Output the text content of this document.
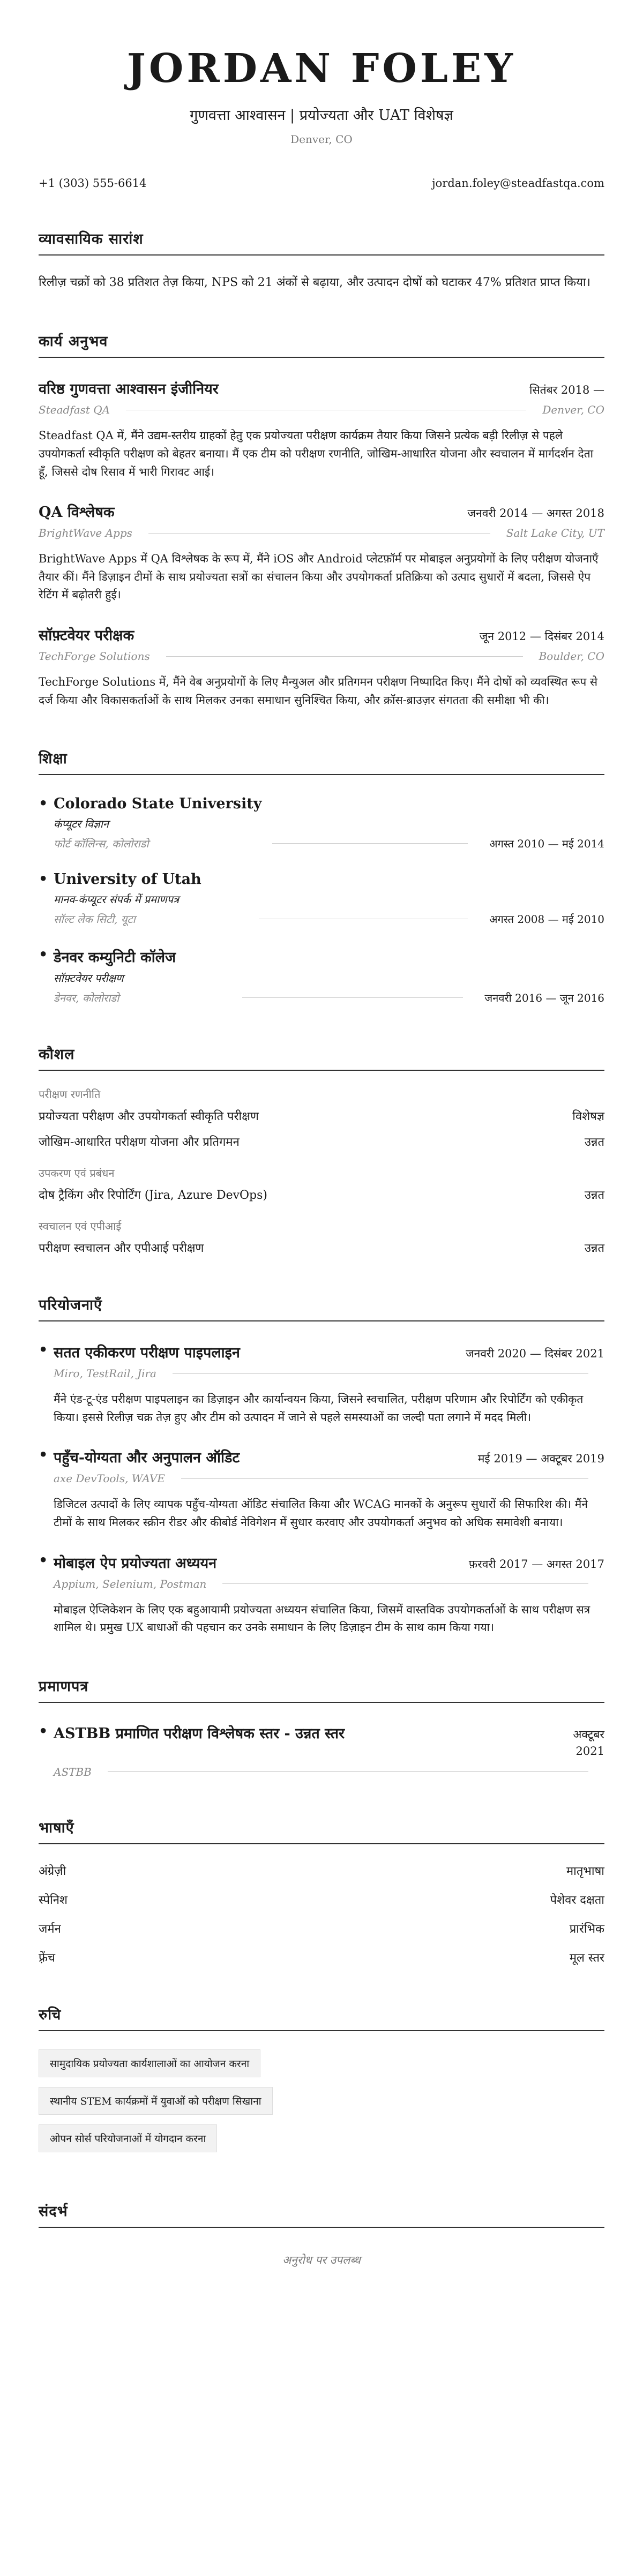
JORDAN FOLEY
गुणवत्ता आश्वासन | प्रयोज्यता और UAT विशेषज्ञ
Denver, CO
+1 (303) 555-6614	jordan.foley@steadfastqa.com
व्यावसायिक सारांश
रिलीज़ चक्रों को 38 प्रतिशत तेज़ किया, NPS को 21 अंकों से बढ़ाया, और उत्पादन दोषों को घटाकर 47% प्रतिशत प्राप्त किया।
कार्य अनुभव
वरिष्ठ गुणवत्ता आश्वासन इंजीनियर	सितंबर 2018 —
Steadfast QA	Denver, CO
Steadfast QA में, मैंने उद्यम-स्तरीय ग्राहकों हेतु एक प्रयोज्यता परीक्षण कार्यक्रम तैयार किया जिसने प्रत्येक बड़ी रिलीज़ से पहले उपयोगकर्ता स्वीकृति परीक्षण को बेहतर बनाया। मैं एक टीम को परीक्षण रणनीति, जोखिम-आधारित योजना और स्वचालन में मार्गदर्शन देता हूँ, जिससे दोष रिसाव में भारी गिरावट आई।
QA विश्लेषक	जनवरी 2014 — अगस्त 2018
BrightWave Apps	Salt Lake City, UT
BrightWave Apps में QA विश्लेषक के रूप में, मैंने iOS और Android प्लेटफ़ॉर्म पर मोबाइल अनुप्रयोगों के लिए परीक्षण योजनाएँ तैयार कीं। मैंने डिज़ाइन टीमों के साथ प्रयोज्यता सत्रों का संचालन किया और उपयोगकर्ता प्रतिक्रिया को उत्पाद सुधारों में बदला, जिससे ऐप रेटिंग में बढ़ोतरी हुई।
सॉफ़्टवेयर परीक्षक	जून 2012 — दिसंबर 2014
TechForge Solutions	Boulder, CO
TechForge Solutions में, मैंने वेब अनुप्रयोगों के लिए मैन्युअल और प्रतिगमन परीक्षण निष्पादित किए। मैंने दोषों को व्यवस्थित रूप से दर्ज किया और विकासकर्ताओं के साथ मिलकर उनका समाधान सुनिश्चित किया, और क्रॉस-ब्राउज़र संगतता की समीक्षा भी की।
शिक्षा
• Colorado State University
कंप्यूटर विज्ञान
फोर्ट कॉलिन्स, कोलोराडो	अगस्त 2010 — मई 2014
• University of Utah
मानव-कंप्यूटर संपर्क में प्रमाणपत्र
सॉल्ट लेक सिटी, यूटा	अगस्त 2008 — मई 2010
• डेनवर कम्युनिटी कॉलेज
सॉफ़्टवेयर परीक्षण
डेनवर, कोलोराडो	जनवरी 2016 — जून 2016
कौशल
परीक्षण रणनीति
प्रयोज्यता परीक्षण और उपयोगकर्ता स्वीकृति परीक्षण	विशेषज्ञ
जोखिम-आधारित परीक्षण योजना और प्रतिगमन	उन्नत
उपकरण एवं प्रबंधन
दोष ट्रैकिंग और रिपोर्टिंग (Jira, Azure DevOps)	उन्नत
स्वचालन एवं एपीआई
परीक्षण स्वचालन और एपीआई परीक्षण	उन्नत
परियोजनाएँ
• सतत एकीकरण परीक्षण पाइपलाइन	जनवरी 2020 — दिसंबर 2021
Miro, TestRail, Jira
मैंने एंड-टू-एंड परीक्षण पाइपलाइन का डिज़ाइन और कार्यान्वयन किया, जिसने स्वचालित, परीक्षण परिणाम और रिपोर्टिंग को एकीकृत किया। इससे रिलीज़ चक्र तेज़ हुए और टीम को उत्पादन में जाने से पहले समस्याओं का जल्दी पता लगाने में मदद मिली।
• पहुँच-योग्यता और अनुपालन ऑडिट	मई 2019 — अक्टूबर 2019
axe DevTools, WAVE
डिजिटल उत्पादों के लिए व्यापक पहुँच-योग्यता ऑडिट संचालित किया और WCAG मानकों के अनुरूप सुधारों की सिफारिश की। मैंने टीमों के साथ मिलकर स्क्रीन रीडर और कीबोर्ड नेविगेशन में सुधार करवाए और उपयोगकर्ता अनुभव को अधिक समावेशी बनाया।
• मोबाइल ऐप प्रयोज्यता अध्ययन	फ़रवरी 2017 — अगस्त 2017
Appium, Selenium, Postman
मोबाइल ऐप्लिकेशन के लिए एक बहुआयामी प्रयोज्यता अध्ययन संचालित किया, जिसमें वास्तविक उपयोगकर्ताओं के साथ परीक्षण सत्र शामिल थे। प्रमुख UX बाधाओं की पहचान कर उनके समाधान के लिए डिज़ाइन टीम के साथ काम किया गया।
प्रमाणपत्र
• ASTBB प्रमाणित परीक्षण विश्लेषक स्तर - उन्नत स्तर	अक्टूबर 2021
ASTBB
भाषाएँ
अंग्रेज़ी	मातृभाषा
स्पेनिश	पेशेवर दक्षता
जर्मन	प्रारंभिक
फ़्रेंच	मूल स्तर
रुचि
सामुदायिक प्रयोज्यता कार्यशालाओं का आयोजन करना
स्थानीय STEM कार्यक्रमों में युवाओं को परीक्षण सिखाना
ओपन सोर्स परियोजनाओं में योगदान करना
संदर्भ
अनुरोध पर उपलब्ध
